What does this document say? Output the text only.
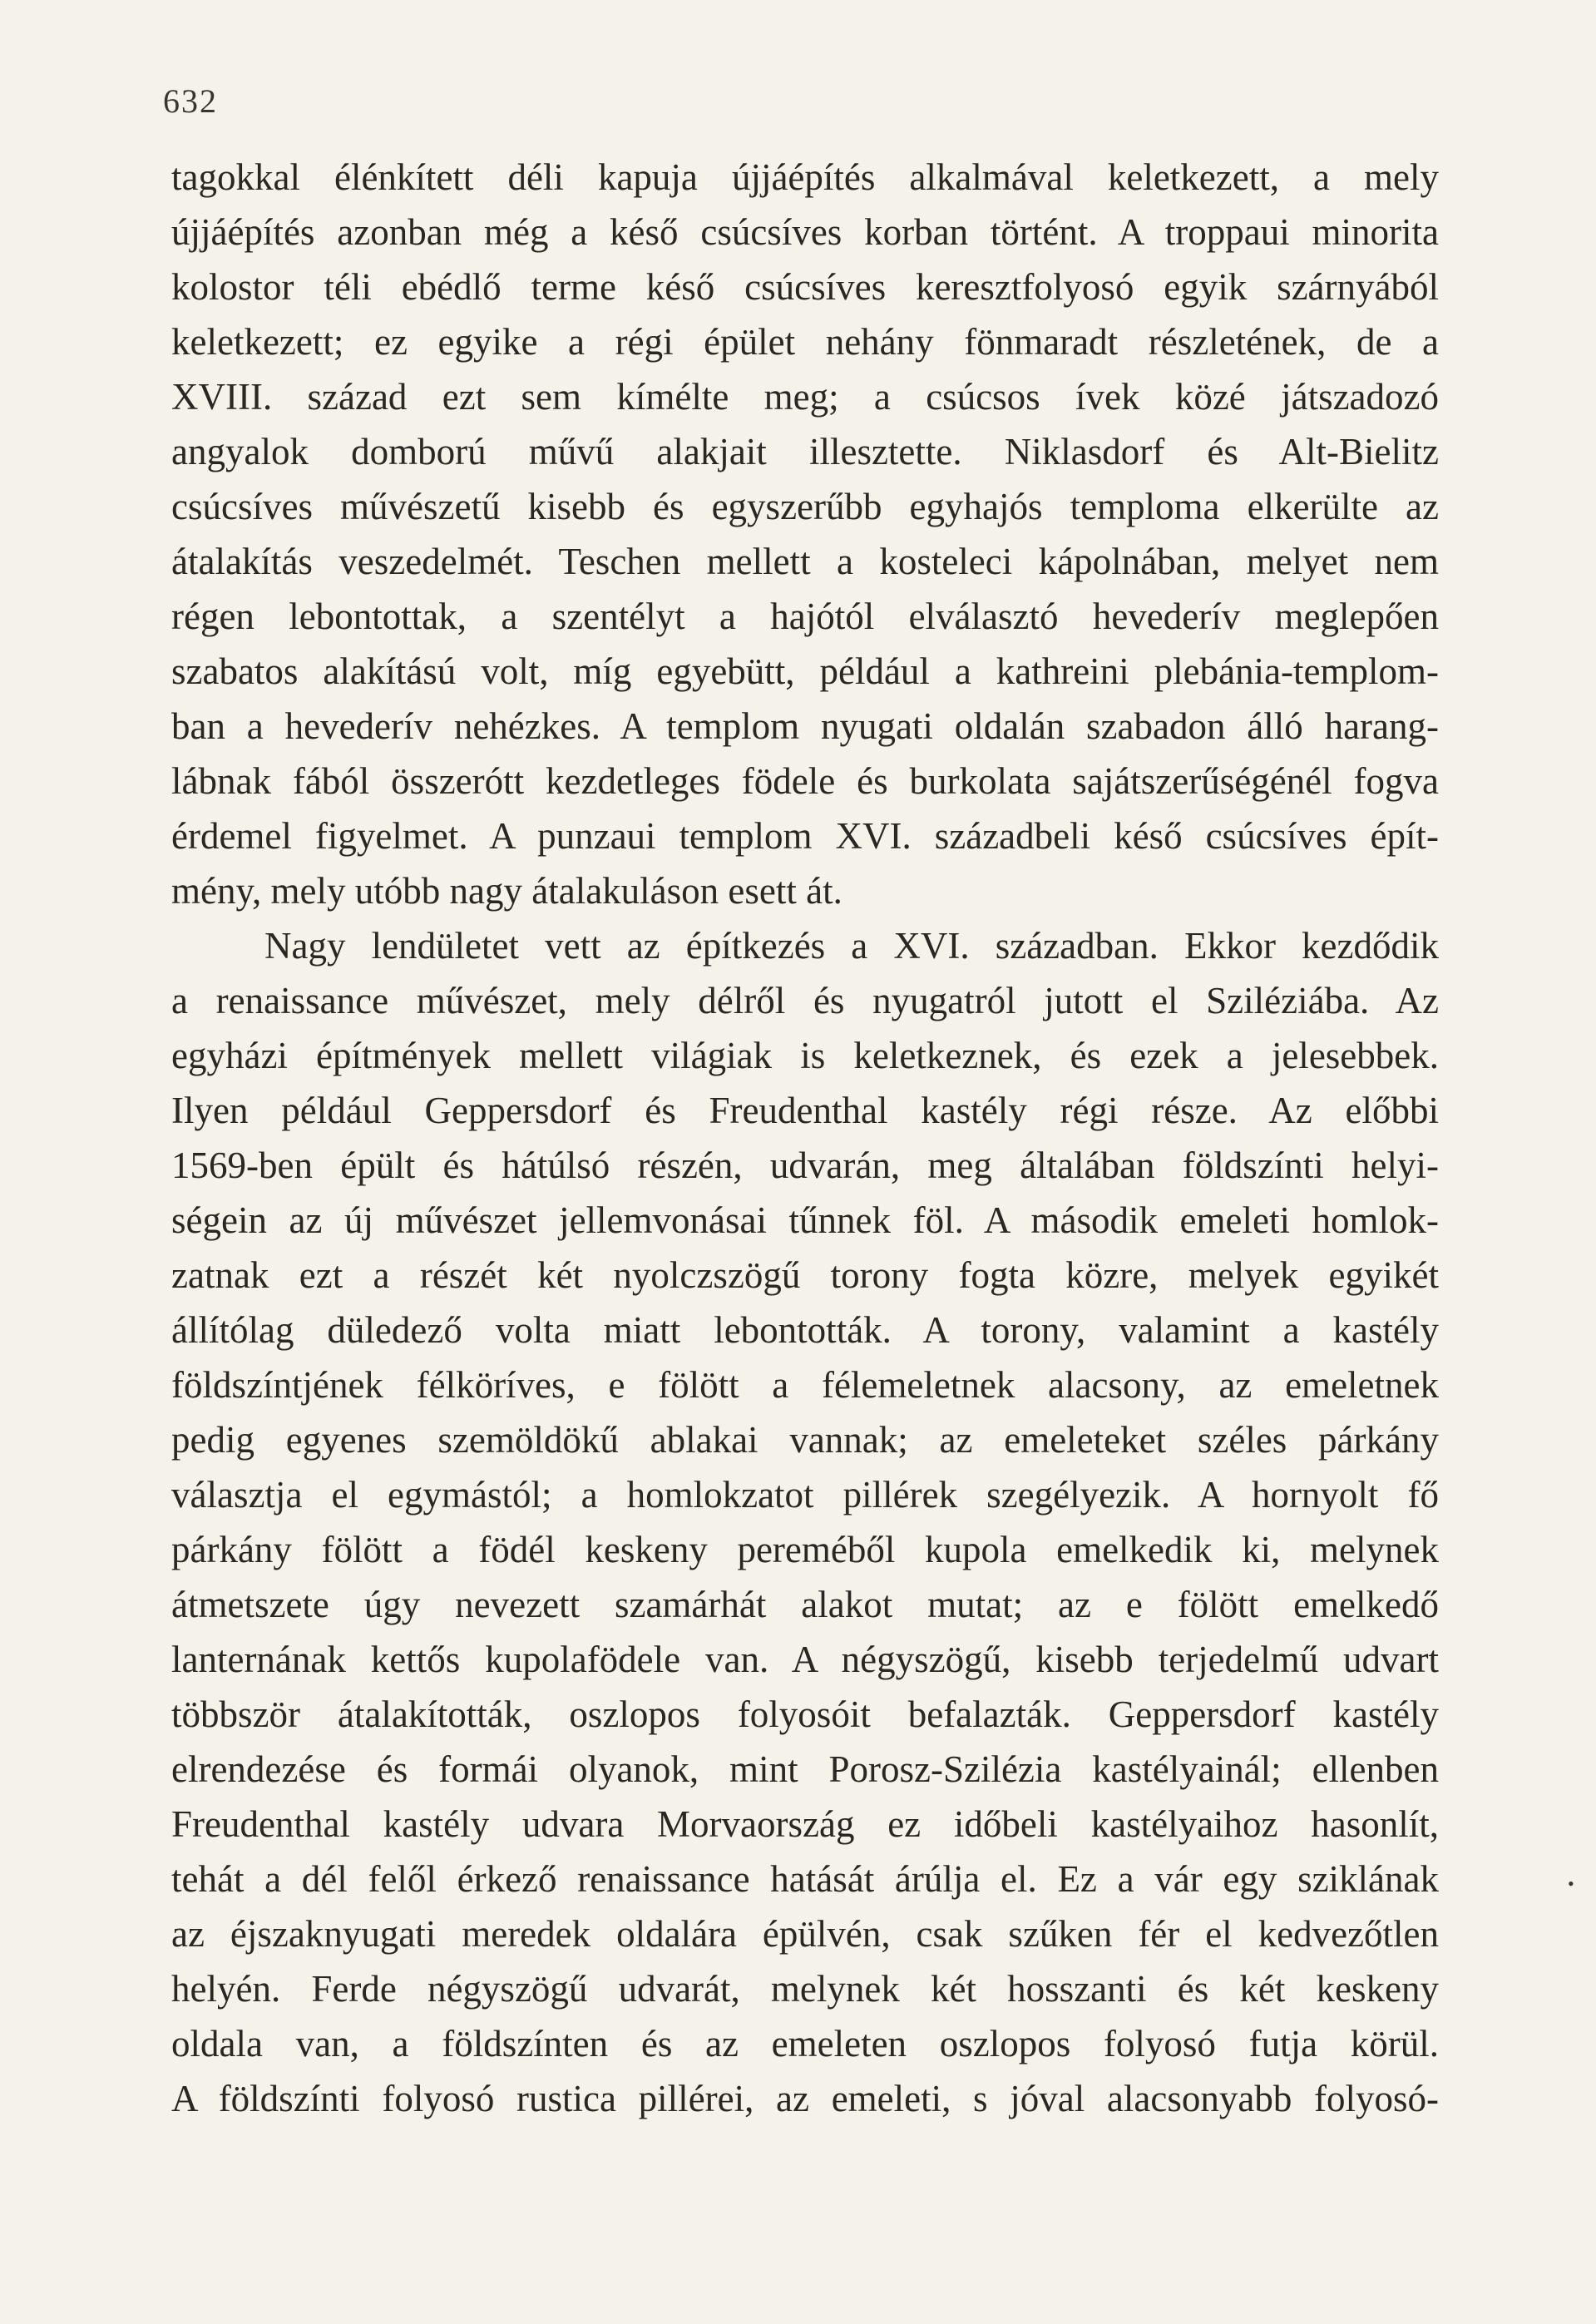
632
tagokkal élénkített déli kapuja újjáépítés alkalmával keletkezett, a mely
újjáépítés azonban még a késő csúcsíves korban történt. A troppaui minorita
kolostor téli ebédlő terme késő csúcsíves keresztfolyosó egyik szárnyából
keletkezett; ez egyike a régi épület nehány fönmaradt részletének, de a
XVIII. század ezt sem kímélte meg; a csúcsos ívek közé játszadozó
angyalok domború művű alakjait illesztette. Niklasdorf és Alt-Bielitz
csúcsíves művészetű kisebb és egyszerűbb egyhajós temploma elkerülte az
átalakítás veszedelmét. Teschen mellett a kosteleci kápolnában, melyet nem
régen lebontottak, a szentélyt a hajótól elválasztó hevederív meglepően
szabatos alakítású volt, míg egyebütt, például a kathreini plebánia-templom-
ban a hevederív nehézkes. A templom nyugati oldalán szabadon álló harang-
lábnak fából összerótt kezdetleges födele és burkolata sajátszerűségénél fogva
érdemel figyelmet. A punzaui templom XVI. századbeli késő csúcsíves épít-
mény, mely utóbb nagy átalakuláson esett át.
Nagy lendületet vett az építkezés a XVI. században. Ekkor kezdődik
a renaissance művészet, mely délről és nyugatról jutott el Sziléziába. Az
egyházi építmények mellett világiak is keletkeznek, és ezek a jelesebbek.
Ilyen például Geppersdorf és Freudenthal kastély régi része. Az előbbi
1569-ben épült és hátúlsó részén, udvarán, meg általában földszínti helyi-
ségein az új művészet jellemvonásai tűnnek föl. A második emeleti homlok-
zatnak ezt a részét két nyolczszögű torony fogta közre, melyek egyikét
állítólag düledező volta miatt lebontották. A torony, valamint a kastély
földszíntjének félköríves, e fölött a félemeletnek alacsony, az emeletnek
pedig egyenes szemöldökű ablakai vannak; az emeleteket széles párkány
választja el egymástól; a homlokzatot pillérek szegélyezik. A hornyolt fő
párkány fölött a födél keskeny pereméből kupola emelkedik ki, melynek
átmetszete úgy nevezett szamárhát alakot mutat; az e fölött emelkedő
lanternának kettős kupolafödele van. A négyszögű, kisebb terjedelmű udvart
többször átalakították, oszlopos folyosóit befalazták. Geppersdorf kastély
elrendezése és formái olyanok, mint Porosz-Szilézia kastélyainál; ellenben
Freudenthal kastély udvara Morvaország ez időbeli kastélyaihoz hasonlít,
tehát a dél felől érkező renaissance hatását árúlja el. Ez a vár egy sziklának
az éjszaknyugati meredek oldalára épülvén, csak szűken fér el kedvezőtlen
helyén. Ferde négyszögű udvarát, melynek két hosszanti és két keskeny
oldala van, a földszínten és az emeleten oszlopos folyosó futja körül.
A földszínti folyosó rustica pillérei, az emeleti, s jóval alacsonyabb folyosó-
•
